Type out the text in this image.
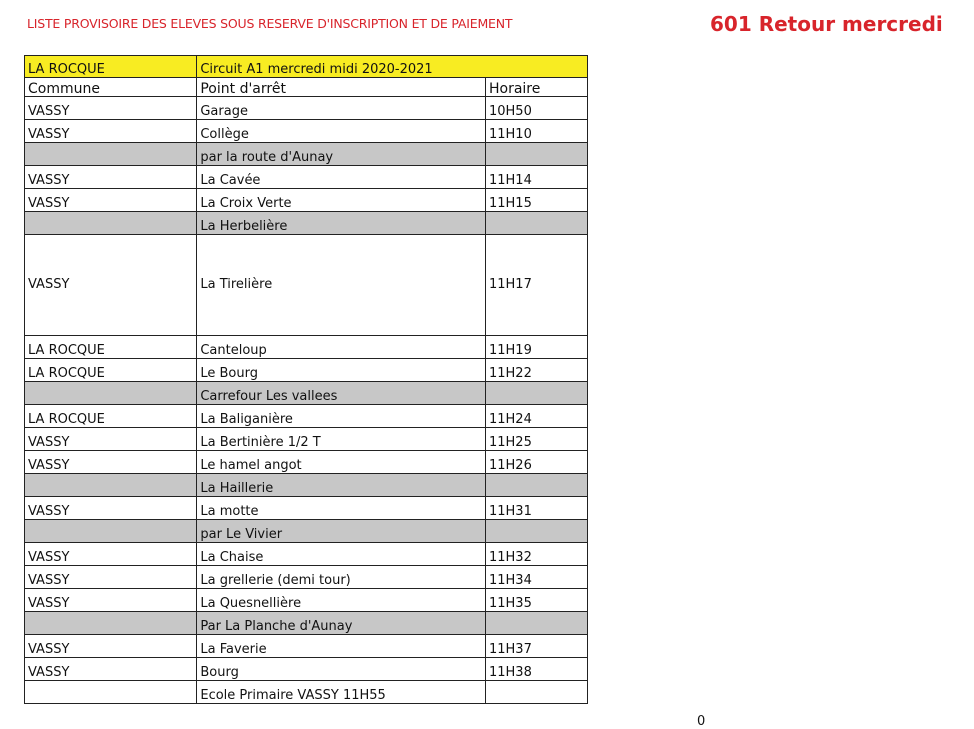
LISTE PROVISOIRE DES ELEVES SOUS RESERVE D'INSCRIPTION ET DE PAIEMENT	601 Retour mercredi
LA ROCQUE	Circuit A1 mercredi midi 2020-2021	
Commune	Point d'arrêt	Horaire
VASSY	Garage	10H50
VASSY	Collège	11H10
	par la route d'Aunay	
VASSY	La Cavée	11H14
VASSY	La Croix Verte	11H15
	La Herbelière	
VASSY	La Tirelière	11H17
LA ROCQUE	Canteloup	11H19
LA ROCQUE	Le Bourg	11H22
	Carrefour Les vallees	
LA ROCQUE	La Baliganière	11H24
VASSY	La Bertinière 1/2 T	11H25
VASSY	Le hamel angot	11H26
	La Haillerie	
VASSY	La motte	11H31
	par Le Vivier	
VASSY	La Chaise	11H32
VASSY	La grellerie (demi tour)	11H34
VASSY	La Quesnellière	11H35
	Par La Planche d'Aunay	
VASSY	La Faverie	11H37
VASSY	Bourg	11H38
	Ecole Primaire VASSY 11H55	
0
